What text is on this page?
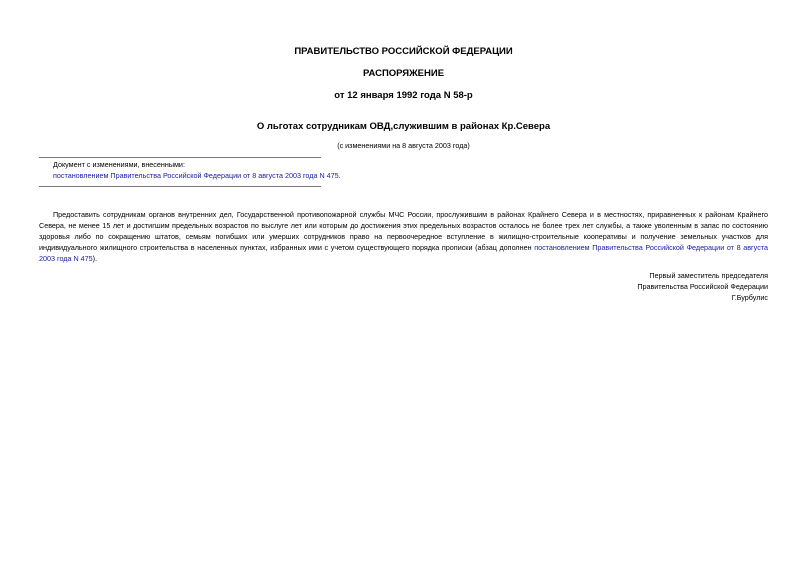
ПРАВИТЕЛЬСТВО РОССИЙСКОЙ ФЕДЕРАЦИИ
РАСПОРЯЖЕНИЕ
от 12 января 1992 года N 58-р
О льготах сотрудникам ОВД,служившим в районах Кр.Севера
(с изменениями на 8 августа 2003 года)
Документ с изменениями, внесенными:
постановлением Правительства Российской Федерации от 8 августа 2003 года N 475.

Предоставить сотрудникам органов внутренних дел, Государственной противопожарной службы МЧС России, прослужившим в районах Крайнего Севера и в местностях, приравненных к районам Крайнего Севера, не менее 15 лет и достигшим предельных возрастов по выслуге лет или которым до достижения этих предельных возрастов осталось не более трех лет службы, а также уволенным в запас по состоянию здоровья либо по сокращению штатов, семьям погибших или умерших сотрудников право на первоочередное вступление в жилищно-строительные кооперативы и получение земельных участков для индивидуального жилищного строительства в населенных пунктах, избранных ими с учетом существующего порядка прописки (абзац дополнен постановлением Правительства Российской Федерации от 8 августа 2003 года N 475).

Первый заместитель председателя
Правительства Российской Федерации
Г.Бурбулис
